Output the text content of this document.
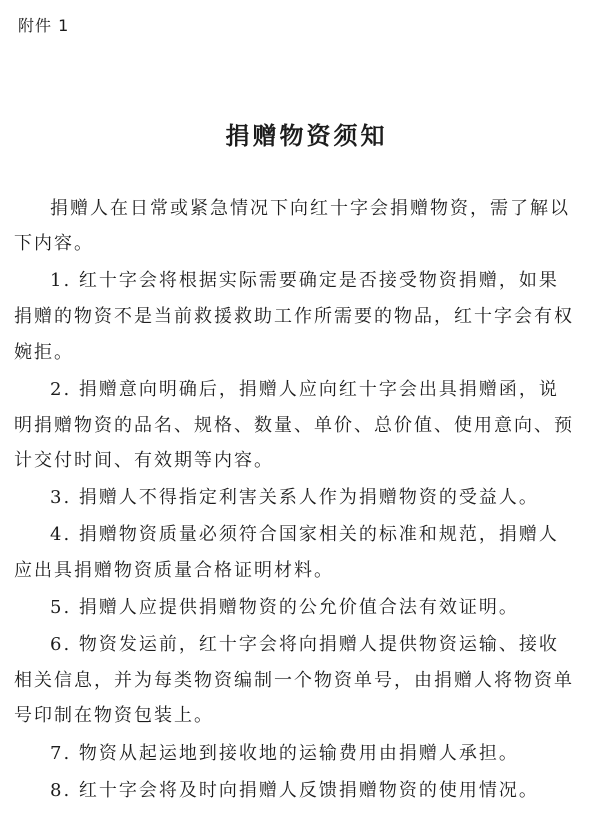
附件 1
捐赠物资须知
捐赠人在日常或紧急情况下向红十字会捐赠物资，需了解以
下内容。
1. 红十字会将根据实际需要确定是否接受物资捐赠，如果
捐赠的物资不是当前救援救助工作所需要的物品，红十字会有权
婉拒。
2. 捐赠意向明确后，捐赠人应向红十字会出具捐赠函，说
明捐赠物资的品名、规格、数量、单价、总价值、使用意向、预
计交付时间、有效期等内容。
3. 捐赠人不得指定利害关系人作为捐赠物资的受益人。
4. 捐赠物资质量必须符合国家相关的标准和规范，捐赠人
应出具捐赠物资质量合格证明材料。
5. 捐赠人应提供捐赠物资的公允价值合法有效证明。
6. 物资发运前，红十字会将向捐赠人提供物资运输、接收
相关信息，并为每类物资编制一个物资单号，由捐赠人将物资单
号印制在物资包装上。
7. 物资从起运地到接收地的运输费用由捐赠人承担。
8. 红十字会将及时向捐赠人反馈捐赠物资的使用情况。
